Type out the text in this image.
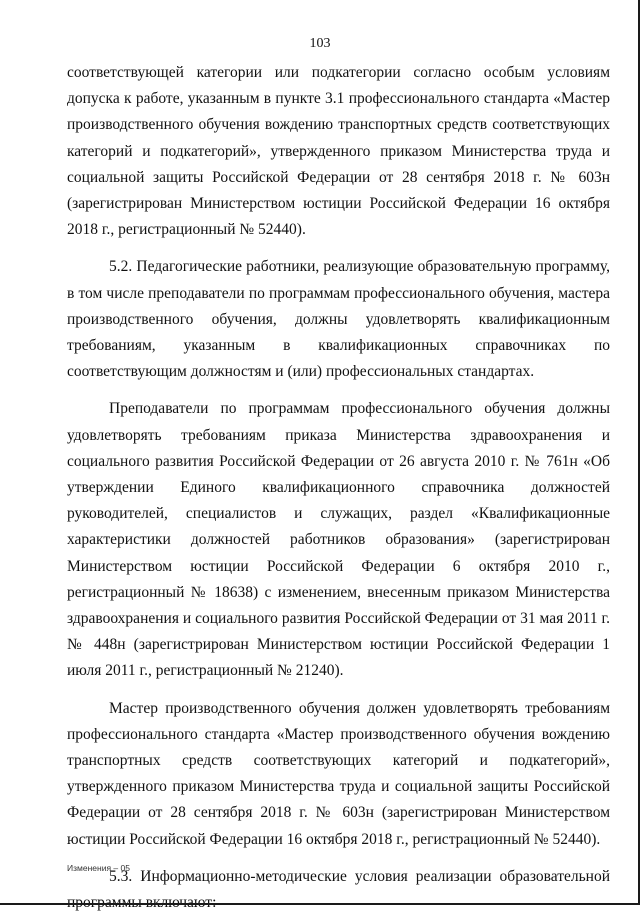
103

соответствующей категории или подкатегории согласно особым условиям допуска к работе, указанным в пункте 3.1 профессионального стандарта «Мастер производственного обучения вождению транспортных средств соответствующих категорий и подкатегорий», утвержденного приказом Министерства труда и социальной защиты Российской Федерации от 28 сентября 2018 г. № 603н (зарегистрирован Министерством юстиции Российской Федерации 16 октября 2018 г., регистрационный № 52440).

5.2. Педагогические работники, реализующие образовательную программу, в том числе преподаватели по программам профессионального обучения, мастера производственного обучения, должны удовлетворять квалификационным требованиям, указанным в квалификационных справочниках по соответствующим должностям и (или) профессиональных стандартах.

Преподаватели по программам профессионального обучения должны удовлетворять требованиям приказа Министерства здравоохранения и социального развития Российской Федерации от 26 августа 2010 г. № 761н «Об утверждении Единого квалификационного справочника должностей руководителей, специалистов и служащих, раздел «Квалификационные характеристики должностей работников образования» (зарегистрирован Министерством юстиции Российской Федерации 6 октября 2010 г., регистрационный № 18638) с изменением, внесенным приказом Министерства здравоохранения и социального развития Российской Федерации от 31 мая 2011 г. № 448н (зарегистрирован Министерством юстиции Российской Федерации 1 июля 2011 г., регистрационный № 21240).

Мастер производственного обучения должен удовлетворять требованиям профессионального стандарта «Мастер производственного обучения вождению транспортных средств соответствующих категорий и подкатегорий», утвержденного приказом Министерства труда и социальной защиты Российской Федерации от 28 сентября 2018 г. № 603н (зарегистрирован Министерством юстиции Российской Федерации 16 октября 2018 г., регистрационный № 52440).

5.3. Информационно-методические условия реализации образовательной

Изменения – 05
